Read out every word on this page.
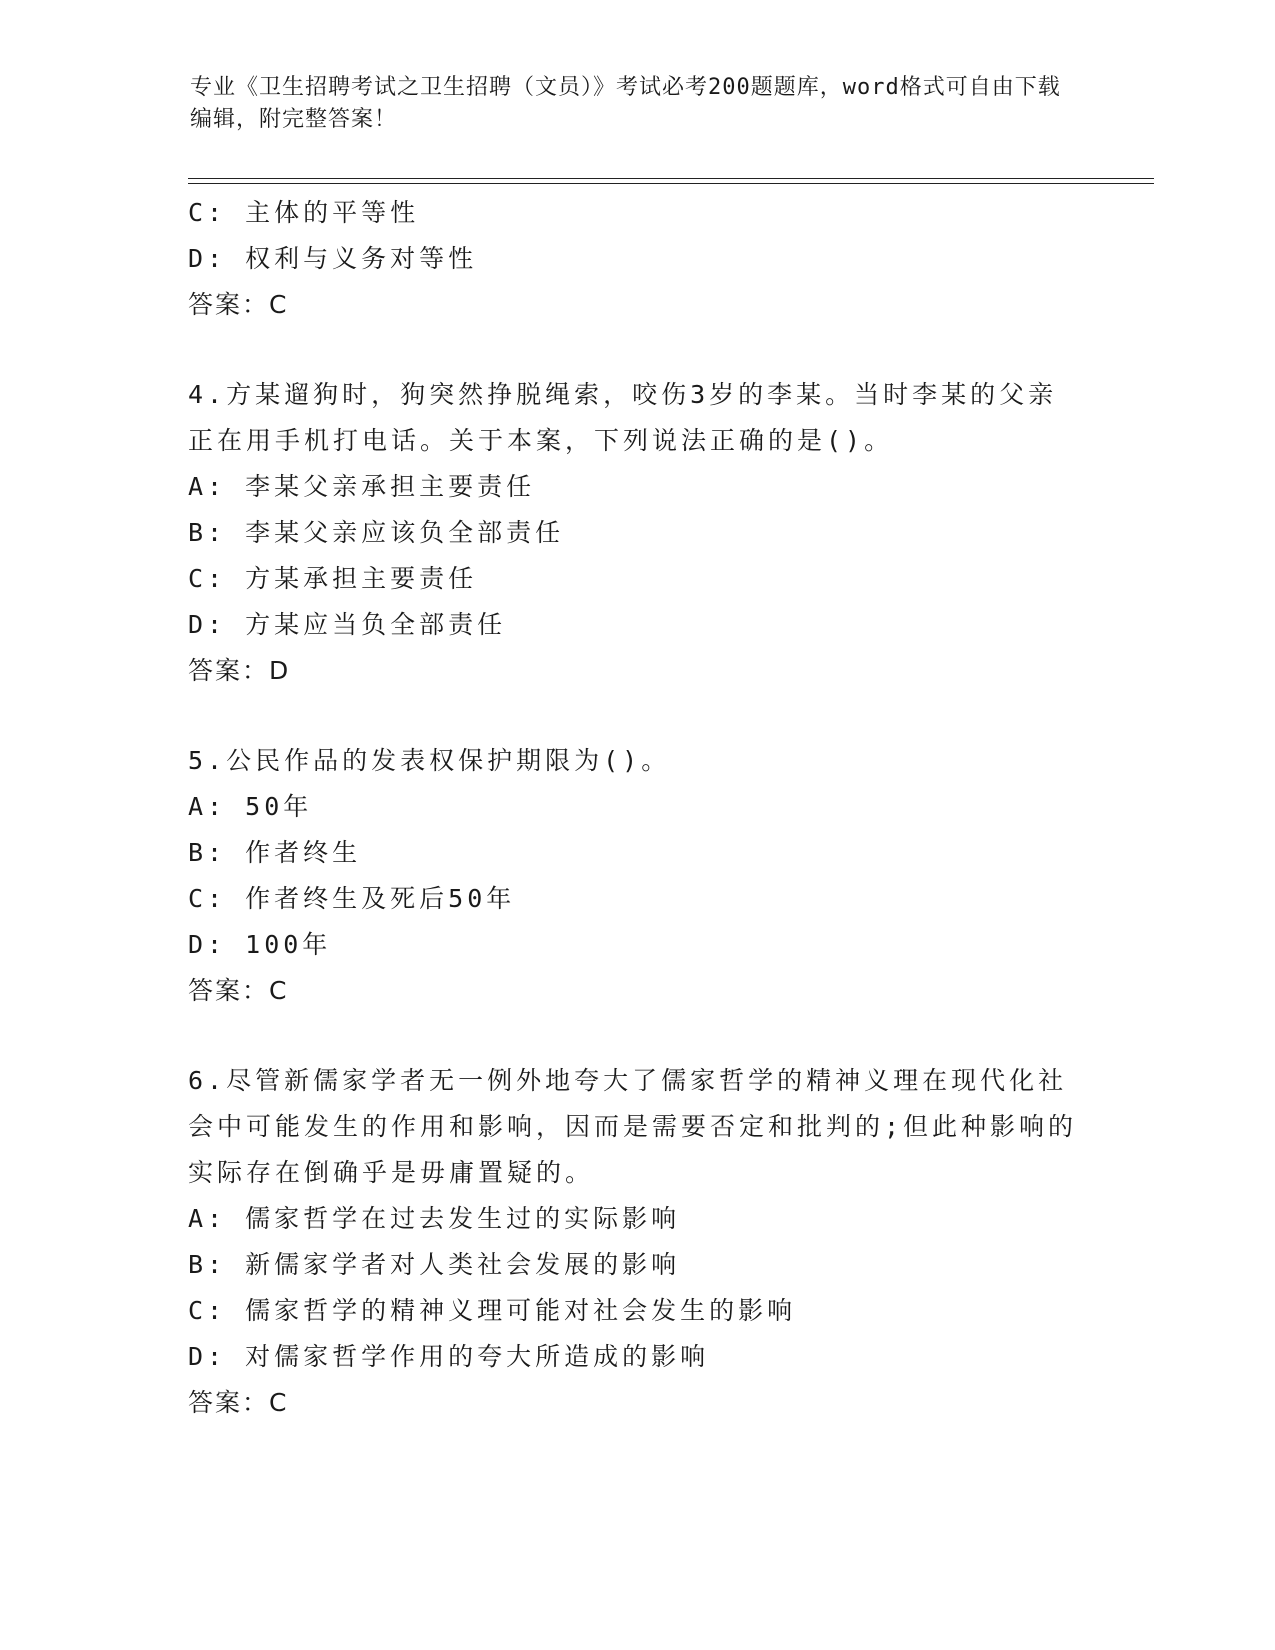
专业《卫生招聘考试之卫生招聘（文员）》考试必考200题题库，word格式可自由下载编辑，附完整答案！
C: 主体的平等性
D: 权利与义务对等性
答案：C
4.方某遛狗时，狗突然挣脱绳索，咬伤3岁的李某。当时李某的父亲正在用手机打电话。关于本案，下列说法正确的是()。
A: 李某父亲承担主要责任
B: 李某父亲应该负全部责任
C: 方某承担主要责任
D: 方某应当负全部责任
答案：D
5.公民作品的发表权保护期限为()。
A: 50年
B: 作者终生
C: 作者终生及死后50年
D: 100年
答案：C
6.尽管新儒家学者无一例外地夸大了儒家哲学的精神义理在现代化社会中可能发生的作用和影响，因而是需要否定和批判的;但此种影响的实际存在倒确乎是毋庸置疑的。
A: 儒家哲学在过去发生过的实际影响
B: 新儒家学者对人类社会发展的影响
C: 儒家哲学的精神义理可能对社会发生的影响
D: 对儒家哲学作用的夸大所造成的影响
答案：C
